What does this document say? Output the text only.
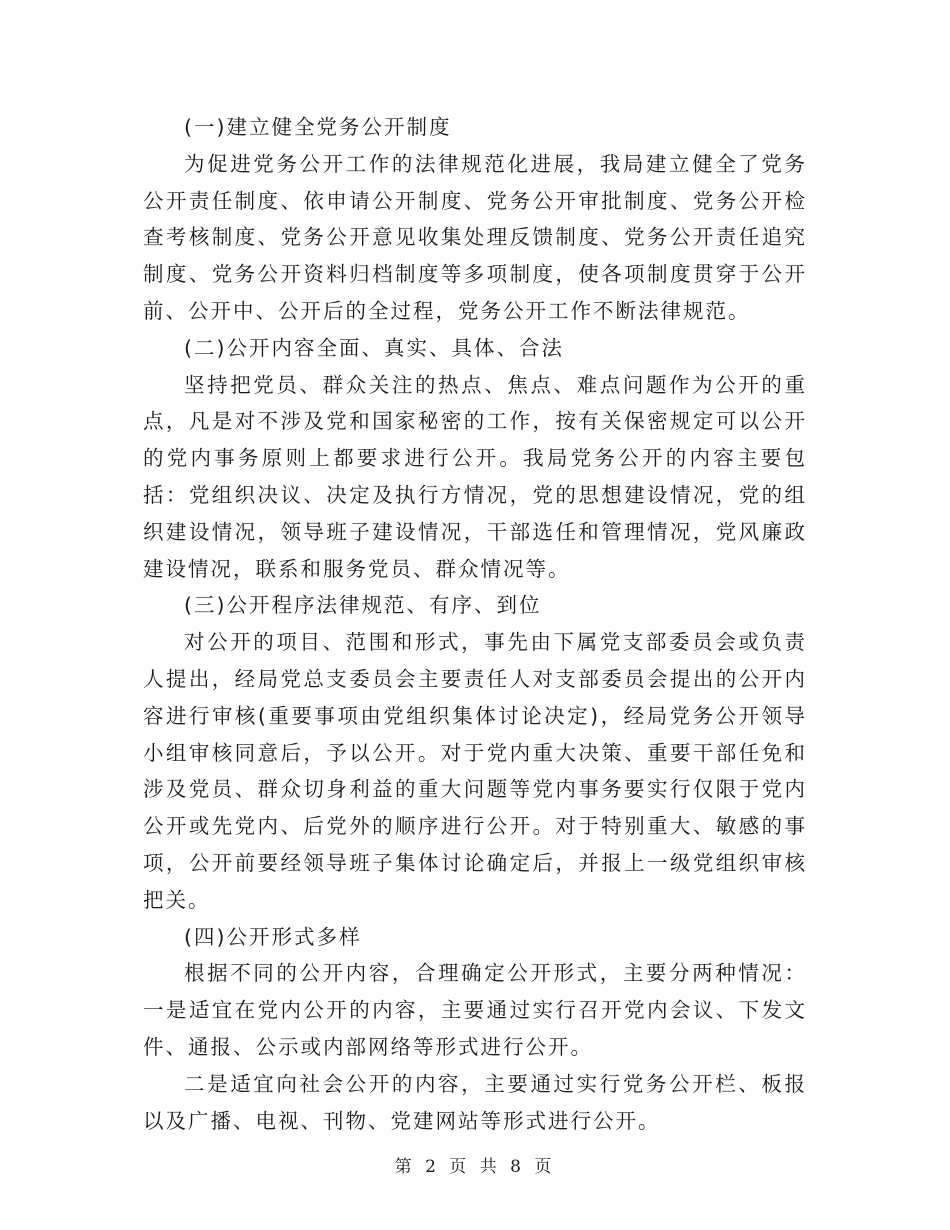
(一)建立健全党务公开制度

为促进党务公开工作的法律规范化进展，我局建立健全了党务公开责任制度、依申请公开制度、党务公开审批制度、党务公开检查考核制度、党务公开意见收集处理反馈制度、党务公开责任追究制度、党务公开资料归档制度等多项制度，使各项制度贯穿于公开前、公开中、公开后的全过程，党务公开工作不断法律规范。

(二)公开内容全面、真实、具体、合法

坚持把党员、群众关注的热点、焦点、难点问题作为公开的重点，凡是对不涉及党和国家秘密的工作，按有关保密规定可以公开的党内事务原则上都要求进行公开。我局党务公开的内容主要包括：党组织决议、决定及执行方情况，党的思想建设情况，党的组织建设情况，领导班子建设情况，干部选任和管理情况，党风廉政建设情况，联系和服务党员、群众情况等。

(三)公开程序法律规范、有序、到位

对公开的项目、范围和形式，事先由下属党支部委员会或负责人提出，经局党总支委员会主要责任人对支部委员会提出的公开内容进行审核(重要事项由党组织集体讨论决定)，经局党务公开领导小组审核同意后，予以公开。对于党内重大决策、重要干部任免和涉及党员、群众切身利益的重大问题等党内事务要实行仅限于党内公开或先党内、后党外的顺序进行公开。对于特别重大、敏感的事项，公开前要经领导班子集体讨论确定后，并报上一级党组织审核把关。

(四)公开形式多样

根据不同的公开内容，合理确定公开形式，主要分两种情况：一是适宜在党内公开的内容，主要通过实行召开党内会议、下发文件、通报、公示或内部网络等形式进行公开。

二是适宜向社会公开的内容，主要通过实行党务公开栏、板报以及广播、电视、刊物、党建网站等形式进行公开。

第 2 页 共 8 页
